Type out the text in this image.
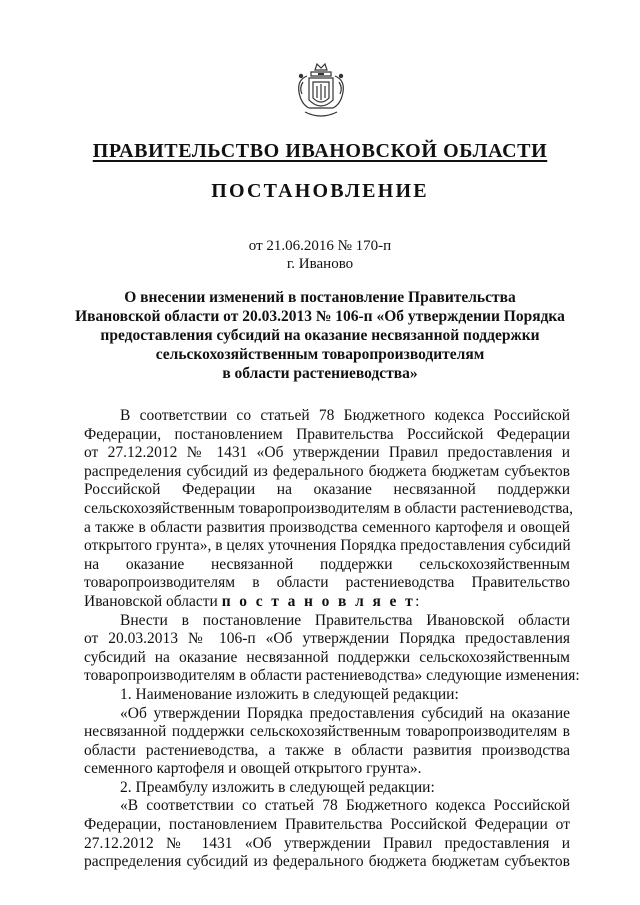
ПРАВИТЕЛЬСТВО ИВАНОВСКОЙ ОБЛАСТИ
ПОСТАНОВЛЕНИЕ
от 21.06.2016 № 170-п
г. Иваново
О внесении изменений в постановление Правительства
Ивановской области от 20.03.2013 № 106-п «Об утверждении Порядка
предоставления субсидий на оказание несвязанной поддержки
сельскохозяйственным товаропроизводителям
в области растениеводства»
В соответствии со статьей 78 Бюджетного кодекса Российской
Федерации, постановлением Правительства Российской Федерации
от 27.12.2012 № 1431 «Об утверждении Правил предоставления и
распределения субсидий из федерального бюджета бюджетам субъектов
Российской Федерации на оказание несвязанной поддержки
сельскохозяйственным товаропроизводителям в области растениеводства,
а также в области развития производства семенного картофеля и овощей
открытого грунта», в целях уточнения Порядка предоставления субсидий
на оказание несвязанной поддержки сельскохозяйственным
товаропроизводителям в области растениеводства Правительство
Ивановской области п о с т а н о в л я е т:
Внести в постановление Правительства Ивановской области
от 20.03.2013 № 106-п «Об утверждении Порядка предоставления
субсидий на оказание несвязанной поддержки сельскохозяйственным
товаропроизводителям в области растениеводства» следующие изменения:
1. Наименование изложить в следующей редакции:
«Об утверждении Порядка предоставления субсидий на оказание
несвязанной поддержки сельскохозяйственным товаропроизводителям в
области растениеводства, а также в области развития производства
семенного картофеля и овощей открытого грунта».
2. Преамбулу изложить в следующей редакции:
«В соответствии со статьей 78 Бюджетного кодекса Российской
Федерации, постановлением Правительства Российской Федерации от
27.12.2012 № 1431 «Об утверждении Правил предоставления и
распределения субсидий из федерального бюджета бюджетам субъектов
